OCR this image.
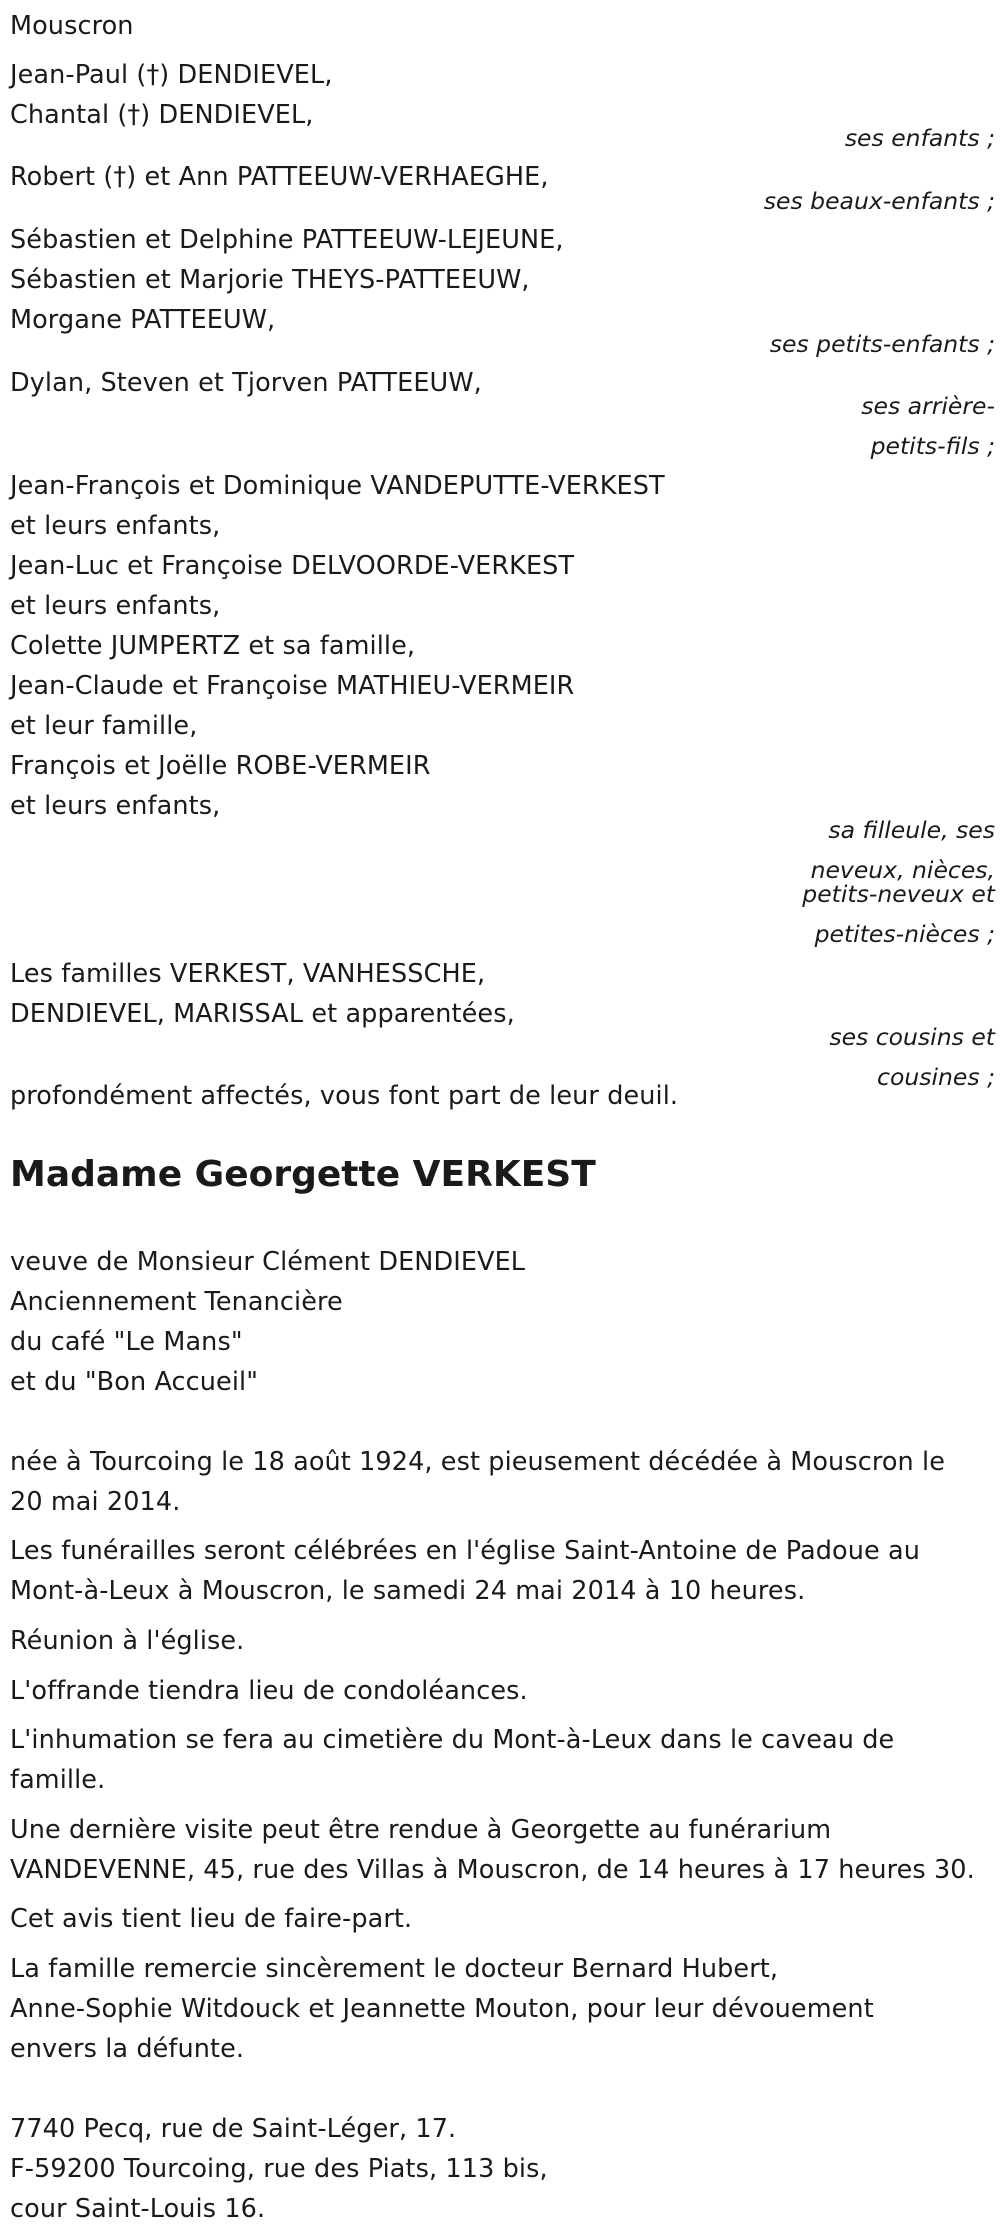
Mouscron
Jean-Paul (†) DENDIEVEL,
Chantal (†) DENDIEVEL,
ses enfants ;
Robert (†) et Ann PATTEEUW-VERHAEGHE,
ses beaux-enfants ;
Sébastien et Delphine PATTEEUW-LEJEUNE,
Sébastien et Marjorie THEYS-PATTEEUW,
Morgane PATTEEUW,
ses petits-enfants ;
Dylan, Steven et Tjorven PATTEEUW,
ses arrière-
petits-fils ;
Jean-François et Dominique VANDEPUTTE-VERKEST
et leurs enfants,
Jean-Luc et Françoise DELVOORDE-VERKEST
et leurs enfants,
Colette JUMPERTZ et sa famille,
Jean-Claude et Françoise MATHIEU-VERMEIR
et leur famille,
François et Joëlle ROBE-VERMEIR
et leurs enfants,
sa filleule, ses
neveux, nièces,
petits-neveux et
petites-nièces ;
Les familles VERKEST, VANHESSCHE,
DENDIEVEL, MARISSAL et apparentées,
ses cousins et
cousines ;
profondément affectés, vous font part de leur deuil.
Madame Georgette VERKEST
veuve de Monsieur Clément DENDIEVEL
Anciennement Tenancière
du café "Le Mans"
et du "Bon Accueil"
née à Tourcoing le 18 août 1924, est pieusement décédée à Mouscron le
20 mai 2014.
Les funérailles seront célébrées en l'église Saint-Antoine de Padoue au
Mont-à-Leux à Mouscron, le samedi 24 mai 2014 à 10 heures.
Réunion à l'église.
L'offrande tiendra lieu de condoléances.
L'inhumation se fera au cimetière du Mont-à-Leux dans le caveau de
famille.
Une dernière visite peut être rendue à Georgette au funérarium
VANDEVENNE, 45, rue des Villas à Mouscron, de 14 heures à 17 heures 30.
Cet avis tient lieu de faire-part.
La famille remercie sincèrement le docteur Bernard Hubert,
Anne-Sophie Witdouck et Jeannette Mouton, pour leur dévouement
envers la défunte.
7740 Pecq, rue de Saint-Léger, 17.
F-59200 Tourcoing, rue des Piats, 113 bis,
cour Saint-Louis 16.
